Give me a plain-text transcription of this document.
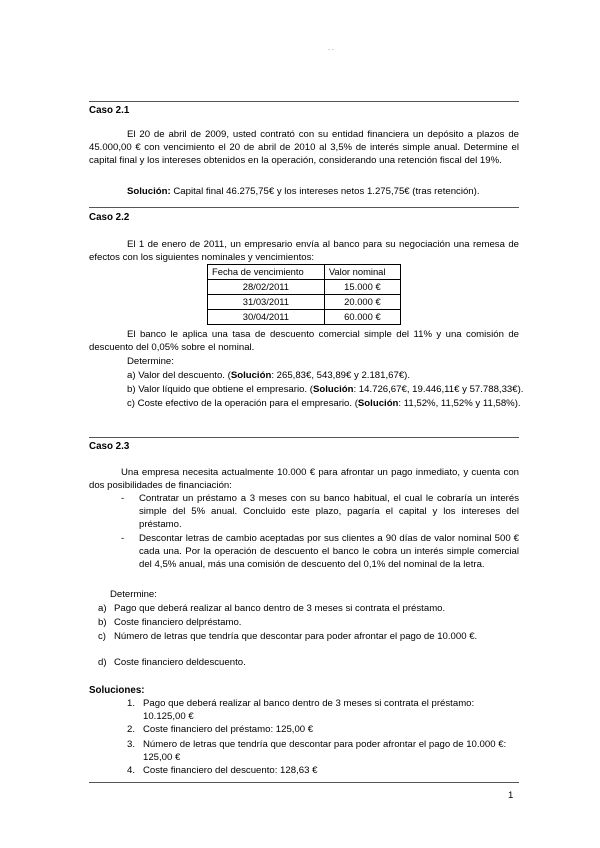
- -
Caso 2.1
El 20 de abril de 2009, usted contrató con su entidad financiera un depósito a plazos de 45.000,00 € con vencimiento el 20 de abril de 2010 al 3,5% de interés simple anual. Determine el capital final y los intereses obtenidos en la operación, considerando una retención fiscal del 19%.
Solución: Capital final 46.275,75€ y los intereses netos 1.275,75€ (tras retención).
Caso 2.2
El 1 de enero de 2011, un empresario envía al banco para su negociación una remesa de efectos con los siguientes nominales y vencimientos:
Fecha de vencimiento	Valor nominal
28/02/2011	15.000 €
31/03/2011	20.000 €
30/04/2011	60.000 €
El banco le aplica una tasa de descuento comercial simple del 11% y una comisión de descuento del 0,05% sobre el nominal.
Determine:
a) Valor del descuento. (Solución: 265,83€, 543,89€ y 2.181,67€).
b) Valor líquido que obtiene el empresario. (Solución: 14.726,67€, 19.446,11€ y 57.788,33€).
c) Coste efectivo de la operación para el empresario. (Solución: 11,52%, 11,52% y 11,58%).
Caso 2.3
Una empresa necesita actualmente 10.000 € para afrontar un pago inmediato, y cuenta con dos posibilidades de financiación:
- Contratar un préstamo a 3 meses con su banco habitual, el cual le cobraría un interés simple del 5% anual. Concluido este plazo, pagaría el capital y los intereses del préstamo.
- Descontar letras de cambio aceptadas por sus clientes a 90 días de valor nominal 500 € cada una. Por la operación de descuento el banco le cobra un interés simple comercial del 4,5% anual, más una comisión de descuento del 0,1% del nominal de la letra.
Determine:
a) Pago que deberá realizar al banco dentro de 3 meses si contrata el préstamo.
b) Coste financiero delpréstamo.
c) Número de letras que tendría que descontar para poder afrontar el pago de 10.000 €.
d) Coste financiero deldescuento.
Soluciones:
1. Pago que deberá realizar al banco dentro de 3 meses si contrata el préstamo: 10.125,00 €
2. Coste financiero del préstamo: 125,00 €
3. Número de letras que tendría que descontar para poder afrontar el pago de 10.000 €: 125,00 €
4. Coste financiero del descuento: 128,63 €
1
